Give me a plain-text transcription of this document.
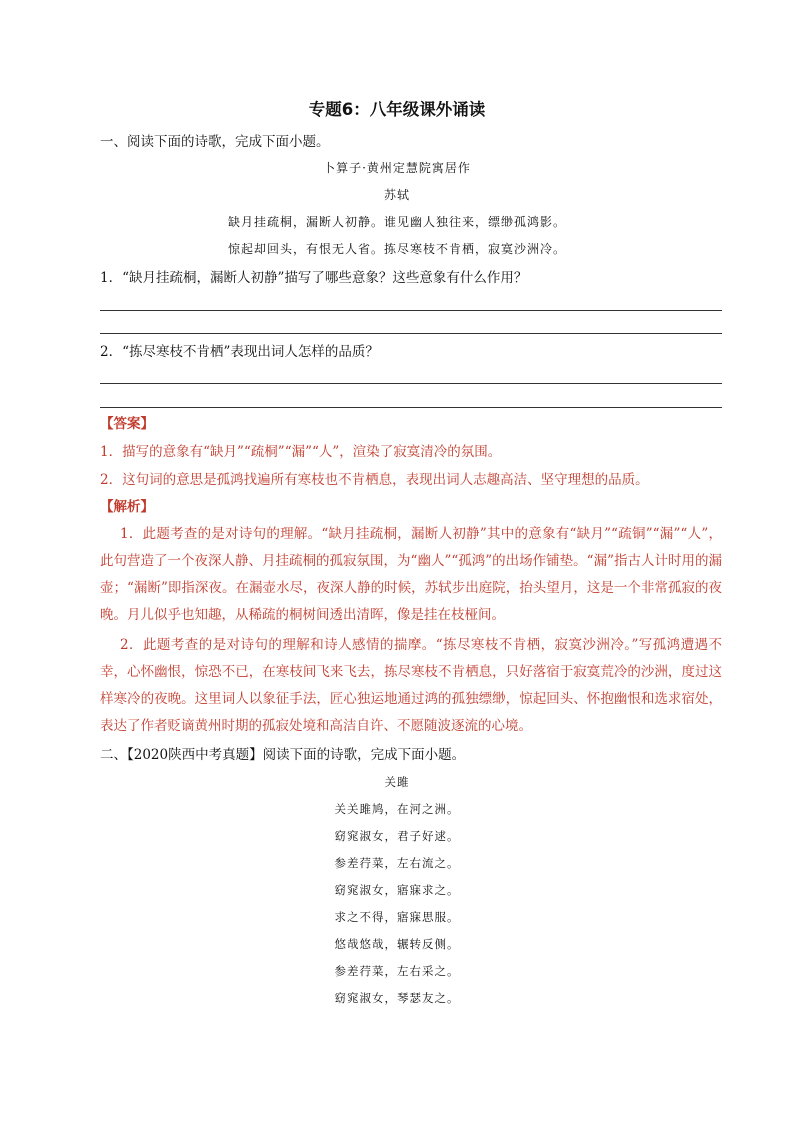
专题6：八年级课外诵读
一、阅读下面的诗歌，完成下面小题。
卜算子·黄州定慧院寓居作
苏轼
缺月挂疏桐，漏断人初静。谁见幽人独往来，缥缈孤鸿影。
惊起却回头，有恨无人省。拣尽寒枝不肯栖，寂寞沙洲冷。
1．“缺月挂疏桐，漏断人初静”描写了哪些意象？这些意象有什么作用？
2．“拣尽寒枝不肯栖”表现出词人怎样的品质？
【答案】
1．描写的意象有“缺月”“疏桐”“漏”“人”，渲染了寂寞清冷的氛围。
2．这句词的意思是孤鸿找遍所有寒枝也不肯栖息，表现出词人志趣高洁、坚守理想的品质。
【解析】
1．此题考查的是对诗句的理解。“缺月挂疏桐，漏断人初静”其中的意象有“缺月”“疏铜”“漏”“人”，此句营造了一个夜深人静、月挂疏桐的孤寂氛围，为“幽人”“孤鸿”的出场作铺垫。“漏”指古人计时用的漏壶；“漏断”即指深夜。在漏壶水尽，夜深人静的时候，苏轼步出庭院，抬头望月，这是一个非常孤寂的夜晚。月儿似乎也知趣，从稀疏的桐树间透出清晖，像是挂在枝桠间。
2．此题考查的是对诗句的理解和诗人感情的揣摩。“拣尽寒枝不肯栖，寂寞沙洲冷。”写孤鸿遭遇不幸，心怀幽恨，惊恐不已，在寒枝间飞来飞去，拣尽寒枝不肯栖息，只好落宿于寂寞荒冷的沙洲，度过这样寒冷的夜晚。这里词人以象征手法，匠心独运地通过鸿的孤独缥缈，惊起回头、怀抱幽恨和选求宿处，表达了作者贬谪黄州时期的孤寂处境和高洁自许、不愿随波逐流的心境。
二、【2020陕西中考真题】阅读下面的诗歌，完成下面小题。
关雎
关关雎鸠，在河之洲。
窈窕淑女，君子好逑。
参差荇菜，左右流之。
窈窕淑女，寤寐求之。
求之不得，寤寐思服。
悠哉悠哉，辗转反侧。
参差荇菜，左右采之。
窈窕淑女，琴瑟友之。
